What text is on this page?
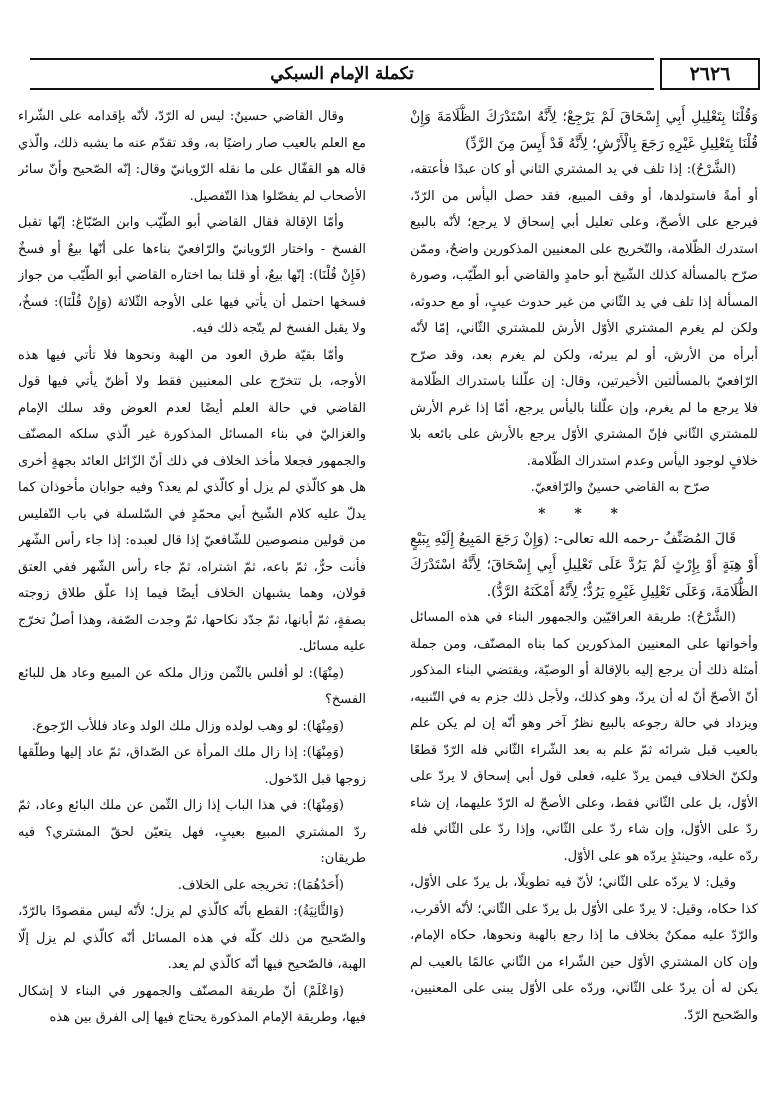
تكملة الإمام السبكي	٢٦٢٦

وَقُلْنَا بِتَعْلِيلِ أَبِي إِسْحَاقَ لَمْ يَرْجِعْ؛ لِأَنَّهُ اسْتَدْرَكَ الظُّلَامَةَ وَإِنْ قُلْنَا بِتَعْلِيلِ غَيْرِهِ رَجَعَ بِالْأَرْشِ؛ لِأَنَّهُ قَدْ أَيِسَ مِنَ الرَّدِّ)

(الشَّرْحُ): إذا تلف في يد المشتري الثاني أو كان عبدًا فأعتقه، أو أمةً فاستولدها، أو وقف المبيع، فقد حصل اليأس من الرّدّ، فيرجع على الأصحّ، وعلى تعليل أبي إسحاق لا يرجع؛ لأنّه بالبيع استدرك الظّلامة، والتّخريج على المعنيين المذكورين واضحٌ، وممّن صرّح بالمسألة كذلك الشّيخ أبو حامدٍ والقاضي أبو الطّيّب، وصورة المسألة إذا تلف في يد الثّاني من غير حدوث عيبٍ، أو مع حدوثه، ولكن لم يغرم المشتري الأوّل الأرش للمشتري الثّاني، إمّا لأنّه أبرأه من الأرش، أو لم يبرئه، ولكن لم يغرم بعد، وقد صرّح الرّافعيّ بالمسألتين الأخيرتين، وقال: إن علّلنا باستدراك الظّلامة فلا يرجع ما لم يغرم، وإن علّلنا باليأس يرجع، أمّا إذا غرم الأرش للمشتري الثّاني فإنّ المشتري الأوّل يرجع بالأرش على بائعه بلا خلافٍ لوجود اليأس وعدم استدراك الظّلامة.

صرّح به القاضي حسينٌ والرّافعيّ.

* * *

قَالَ المُصَنِّفُ -رحمه الله تعالى-: (وَإِنْ رَجَعَ المَبِيعُ إِلَيْهِ بِبَيْعٍ أَوْ هِبَةٍ أَوْ بِإِرْثٍ لَمْ يَرُدَّ عَلَى تَعْلِيلِ أَبِي إِسْحَاقَ؛ لِأَنَّهُ اسْتَدْرَكَ الظُّلَامَةَ، وَعَلَى تَعْلِيلِ غَيْرِهِ يَرُدُّ؛ لِأَنَّهُ أَمْكَنَهُ الرَّدُّ).

(الشَّرْحُ): طريقة العراقيّين والجمهور البناء في هذه المسائل وأخواتها على المعنيين المذكورين كما بناه المصنّف، ومن جملة أمثلة ذلك أن يرجع إليه بالإقالة أو الوصيّة، ويقتضي البناء المذكور أنّ الأصحّ أنّ له أن يردّ، وهو كذلك، ولأجل ذلك جزم به في التّنبيه، ويزداد في حالة رجوعه بالبيع نظرٌ آخر وهو أنّه إن لم يكن علم بالعيب قبل شرائه ثمّ علم به بعد الشّراء الثّاني فله الرّدّ قطعًا ولكنّ الخلاف فيمن يردّ عليه، فعلى قول أبي إسحاق لا يردّ على الأوّل، بل على الثّاني فقط، وعلى الأصحّ له الرّدّ عليهما، إن شاء ردّ على الأوّل، وإن شاء ردّ على الثّاني، وإذا ردّ على الثّاني فله ردّه عليه، وحينئذٍ يردّه هو على الأوّل.

وقيل: لا يردّه على الثّاني؛ لأنّ فيه تطويلًا، بل يردّ على الأوّل، كذا حكاه، وقيل: لا يردّ على الأوّل بل يردّ على الثّاني؛ لأنّه الأقرب، والرّدّ عليه ممكنٌ بخلاف ما إذا رجع بالهبة ونحوها، حكاه الإمام، وإن كان المشتري الأوّل حين الشّراء من الثّاني عالمًا بالعيب لم يكن له أن يردّ على الثّاني، وردّه على الأوّل يبنى على المعنيين، والصّحيح الرّدّ.

وقال القاضي حسينٌ: ليس له الرّدّ، لأنّه بإقدامه على الشّراء مع العلم بالعيب صار راضيًا به، وقد تقدّم عنه ما يشبه ذلك، والّذي قاله هو القفّال على ما نقله الرّويانيّ وقال: إنّه الصّحيح وأنّ سائر الأصحاب لم يفصّلوا هذا التّفصيل.

وأمّا الإقالة فقال القاضي أبو الطّيّب وابن الصّبّاغ: إنّها تقبل الفسخ - واختار الرّويانيّ والرّافعيّ بناءها على أنّها بيعٌ أو فسخٌ (فَإِنْ قُلْنَا): إنّها بيعٌ، أو قلنا بما اختاره القاضي أبو الطّيّب من جواز فسخها احتمل أن يأتي فيها على الأوجه الثّلاثة (وَإِنْ قُلْنَا): فسخٌ، ولا يقبل الفسخ لم يتّجه ذلك فيه.

وأمّا بقيّة طرق العود من الهبة ونحوها فلا تأتي فيها هذه الأوجه، بل تتخرّج على المعنيين فقط ولا أظنّ يأتي فيها قول القاضي في حالة العلم أيضًا لعدم العوض وقد سلك الإمام والغزاليّ في بناء المسائل المذكورة غير الّذي سلكه المصنّف والجمهور فجعلا مأخذ الخلاف في ذلك أنّ الزّائل العائد بجهةٍ أخرى هل هو كالّذي لم يزل أو كالّذي لم يعد؟ وفيه جوابان مأخوذان كما يدلّ عليه كلام الشّيخ أبي محمّدٍ في السّلسلة في باب التّفليس من قولين منصوصين للشّافعيّ إذا قال لعبده: إذا جاء رأس الشّهر فأنت حرٌّ، ثمّ باعه، ثمّ اشتراه، ثمّ جاء رأس الشّهر ففي العتق قولان، وهما يشبهان الخلاف أيضًا فيما إذا علّق طلاق زوجته بصفةٍ، ثمّ أبانها، ثمّ جدّد نكاحها، ثمّ وجدت الصّفة، وهذا أصلٌ تخرّج عليه مسائل.

(مِنْهَا): لو أفلس بالثّمن وزال ملكه عن المبيع وعاد هل للبائع الفسخ؟

(وَمِنْهَا): لو وهب لولده وزال ملك الولد وعاد فللأب الرّجوع.

(وَمِنْهَا): إذا زال ملك المرأة عن الصّداق، ثمّ عاد إليها وطلّقها زوجها قبل الدّخول.

(وَمِنْهَا): في هذا الباب إذا زال الثّمن عن ملك البائع وعاد، ثمّ ردّ المشتري المبيع بعيبٍ، فهل يتعيّن لحقّ المشتري؟ فيه طريقان:

(أَحَدُهُمَا): تخريجه على الخلاف.

(وَالثَّانِيَةُ): القطع بأنّه كالّذي لم يزل؛ لأنّه ليس مقصودًا بالرّدّ، والصّحيح من ذلك كلّه في هذه المسائل أنّه كالّذي لم يزل إلّا الهبة، فالصّحيح فيها أنّه كالّذي لم يعد.

(وَاعْلَمْ) أنّ طريقة المصنّف والجمهور في البناء لا إشكال فيها، وطريقة الإمام المذكورة يحتاج فيها إلى الفرق بين هذه
